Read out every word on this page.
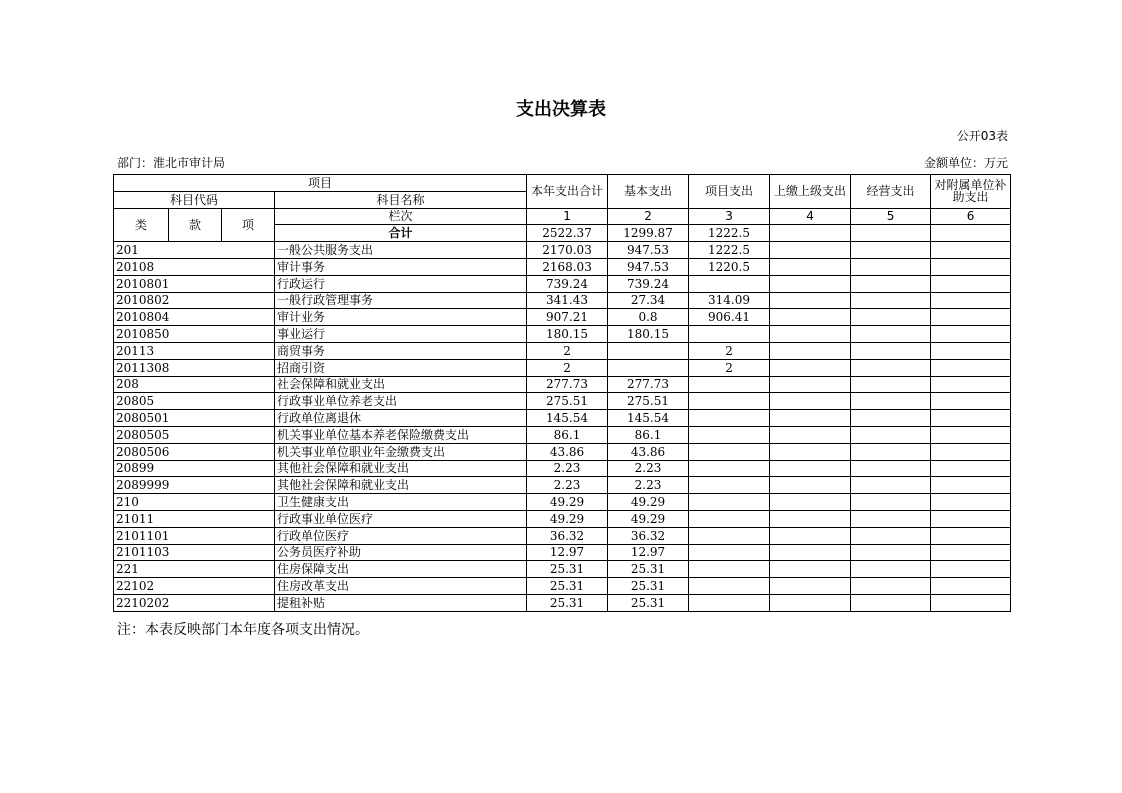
支出决算表
公开03表
部门：淮北市审计局	金额单位：万元
项目				本年支出合计	基本支出	项目支出	上缴上级支出	经营支出	对附属单位补助支出
科目代码			科目名称						
类	款	项	栏次	1	2	3	4	5	6
			合计	2522.37	1299.87	1222.5			
201			一般公共服务支出	2170.03	947.53	1222.5			
20108			审计事务	2168.03	947.53	1220.5			
2010801			行政运行	739.24	739.24				
2010802			一般行政管理事务	341.43	27.34	314.09			
2010804			审计业务	907.21	0.8	906.41			
2010850			事业运行	180.15	180.15				
20113			商贸事务	2		2			
2011308			招商引资	2		2			
208			社会保障和就业支出	277.73	277.73				
20805			行政事业单位养老支出	275.51	275.51				
2080501			行政单位离退休	145.54	145.54				
2080505			机关事业单位基本养老保险缴费支出	86.1	86.1				
2080506			机关事业单位职业年金缴费支出	43.86	43.86				
20899			其他社会保障和就业支出	2.23	2.23				
2089999			其他社会保障和就业支出	2.23	2.23				
210			卫生健康支出	49.29	49.29				
21011			行政事业单位医疗	49.29	49.29				
2101101			行政单位医疗	36.32	36.32				
2101103			公务员医疗补助	12.97	12.97				
221			住房保障支出	25.31	25.31				
22102			住房改革支出	25.31	25.31				
2210202			提租补贴	25.31	25.31				
注：本表反映部门本年度各项支出情况。
